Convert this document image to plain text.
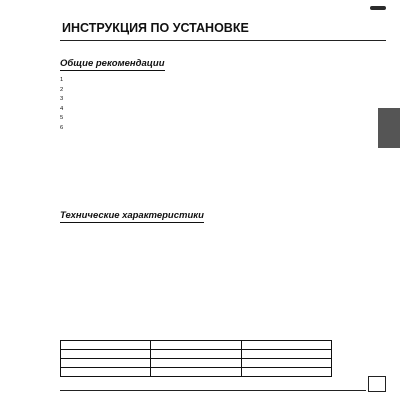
ИНСТРУКЦИЯ ПО УСТАНОВКЕ
Общие рекомендации
1
2
3
4
5
6
Технические характеристики
